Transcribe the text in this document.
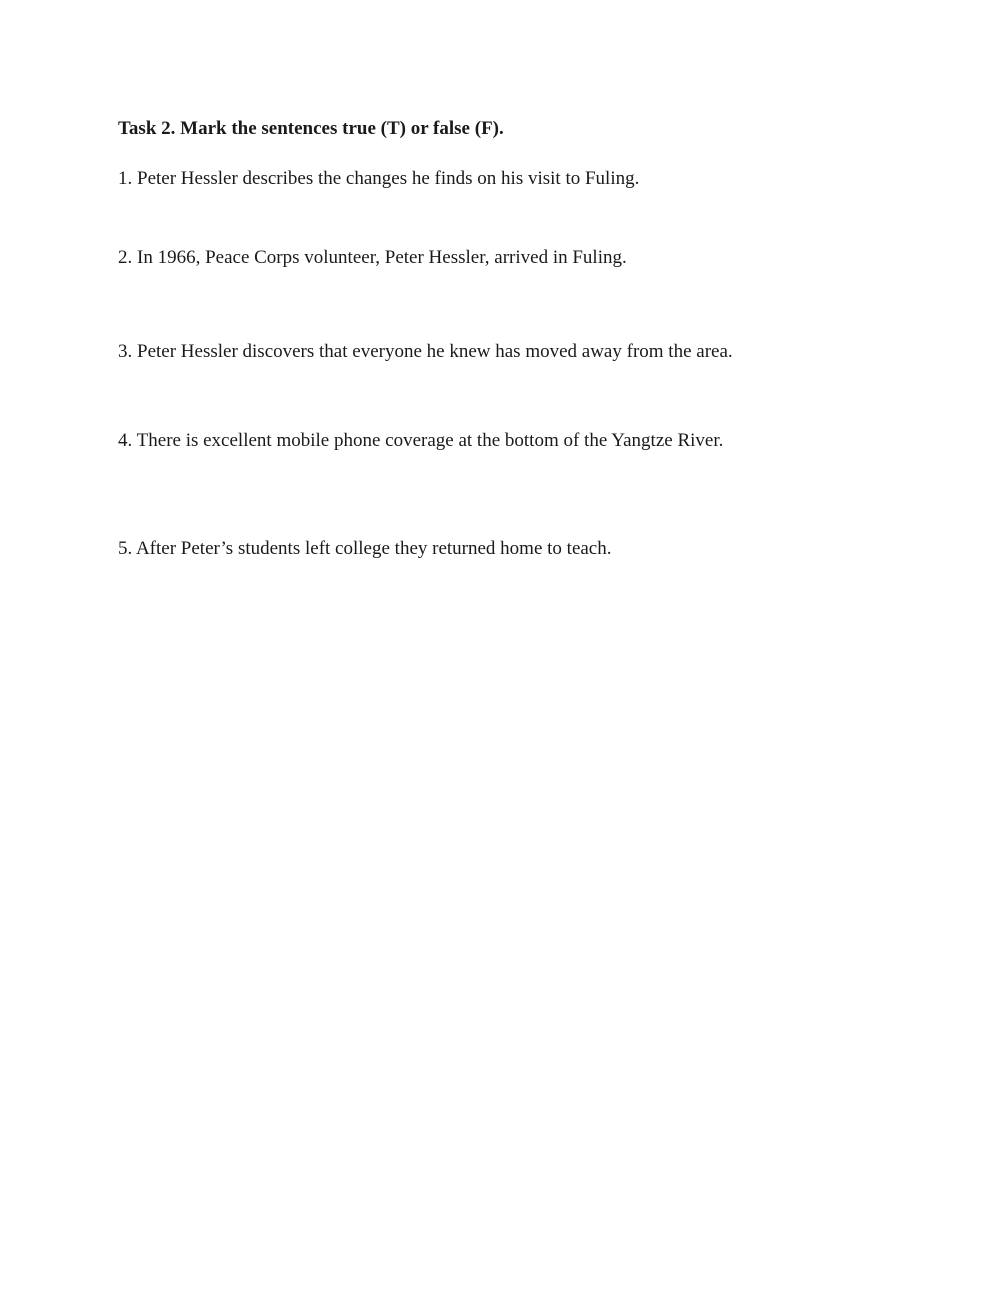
Task 2. Mark the sentences true (T) or false (F).
1. Peter Hessler describes the changes he finds on his visit to Fuling.
2. In 1966, Peace Corps volunteer, Peter Hessler, arrived in Fuling.
3. Peter Hessler discovers that everyone he knew has moved away from the area.
4. There is excellent mobile phone coverage at the bottom of the Yangtze River.
5. After Peter’s students left college they returned home to teach.
